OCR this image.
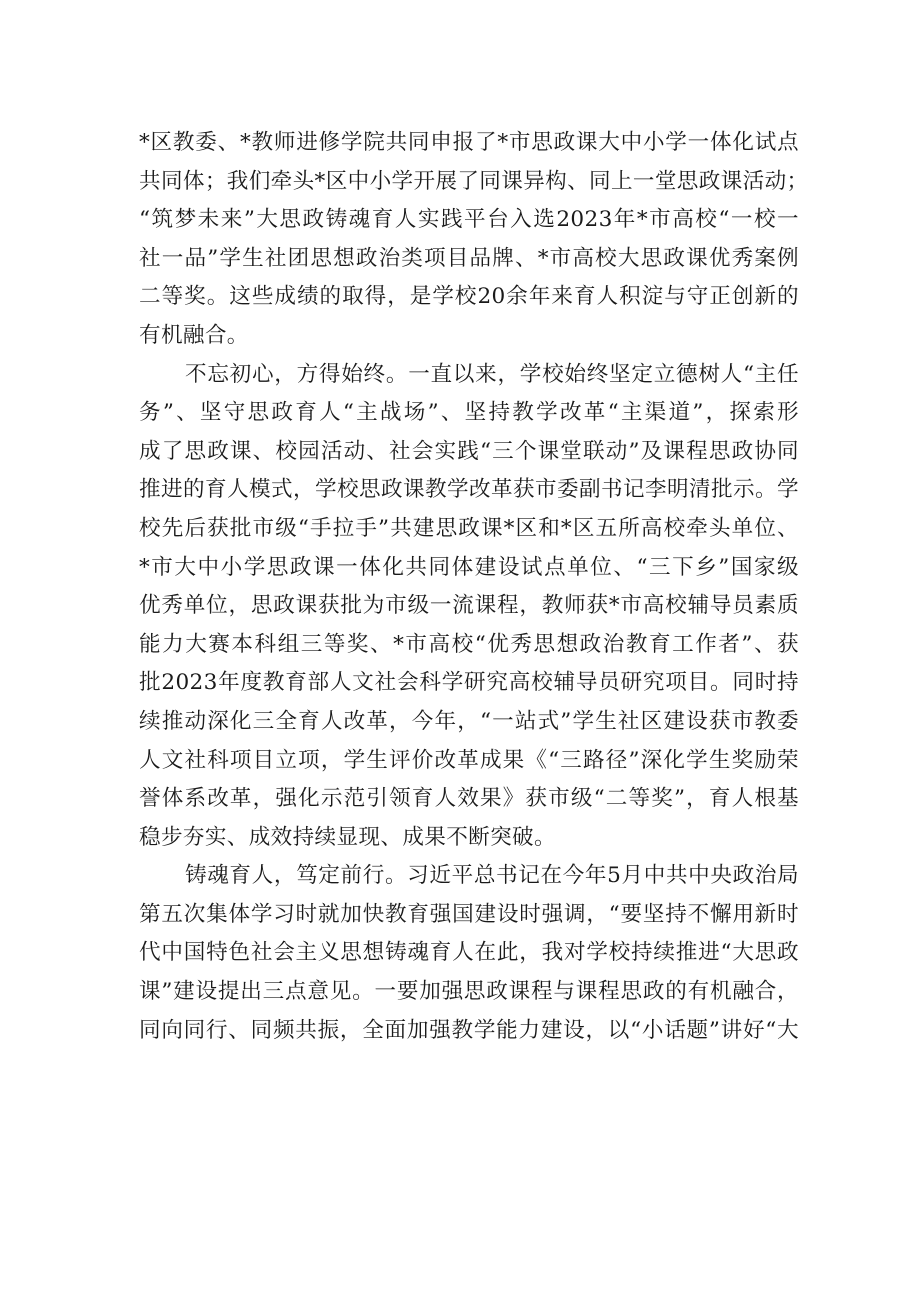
*区教委、*教师进修学院共同申报了*市思政课大中小学一体化试点
共同体；我们牵头*区中小学开展了同课异构、同上一堂思政课活动；
“筑梦未来”大思政铸魂育人实践平台入选2023年*市高校“一校一
社一品”学生社团思想政治类项目品牌、*市高校大思政课优秀案例
二等奖。这些成绩的取得，是学校20余年来育人积淀与守正创新的
有机融合。
不忘初心，方得始终。一直以来，学校始终坚定立德树人“主任
务”、坚守思政育人“主战场”、坚持教学改革“主渠道”，探索形
成了思政课、校园活动、社会实践“三个课堂联动”及课程思政协同
推进的育人模式，学校思政课教学改革获市委副书记李明清批示。学
校先后获批市级“手拉手”共建思政课*区和*区五所高校牵头单位、
*市大中小学思政课一体化共同体建设试点单位、“三下乡”国家级
优秀单位，思政课获批为市级一流课程，教师获*市高校辅导员素质
能力大赛本科组三等奖、*市高校“优秀思想政治教育工作者”、获
批2023年度教育部人文社会科学研究高校辅导员研究项目。同时持
续推动深化三全育人改革，今年，“一站式”学生社区建设获市教委
人文社科项目立项，学生评价改革成果《“三路径”深化学生奖励荣
誉体系改革，强化示范引领育人效果》获市级“二等奖”，育人根基
稳步夯实、成效持续显现、成果不断突破。
铸魂育人，笃定前行。习近平总书记在今年5月中共中央政治局
第五次集体学习时就加快教育强国建设时强调，“要坚持不懈用新时
代中国特色社会主义思想铸魂育人在此，我对学校持续推进“大思政
课”建设提出三点意见。一要加强思政课程与课程思政的有机融合，
同向同行、同频共振，全面加强教学能力建设，以“小话题”讲好“大
